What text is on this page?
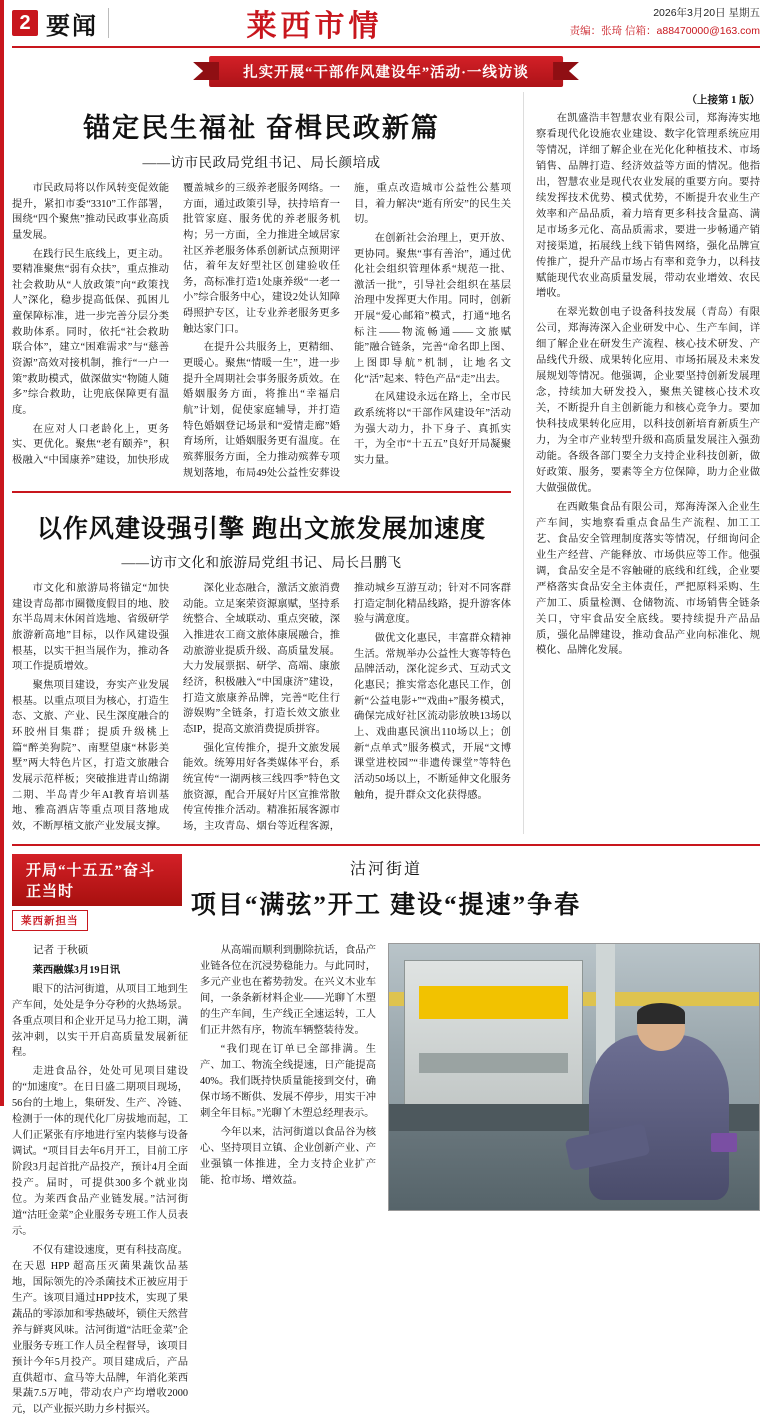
2 要闻	莱西市情	2026年3月20日 星期五
责编：张琦 信箱：a88470000@163.com
扎实开展“干部作风建设年”活动·一线访谈
锚定民生福祉 奋楫民政新篇
——访市民政局党组书记、局长颜培成

市民政局将以作风转变促效能提升，紧扣市委“3310”工作部署，围绕“四个聚焦”推动民政事业高质量发展。

在践行民生底线上，更主动。要精准聚焦“弱有众扶”，重点推动社会救助从“人放政策”向“政策找人”深化，稳步提高低保、孤困儿童保障标准，进一步完善分层分类救助体系。同时，依托“社会救助联合体”，建立“困难需求”与“慈善资源”高效对接机制，推行“一户一策”救助模式，做深做实“物随人随多”综合救助，让兜底保障更有温度。

在应对人口老龄化上，更务实、更优化。聚焦“老有颐养”，积极融入“中国康养”建设，加快形成覆盖城乡的三级养老服务网络。一方面，通过政策引导，扶持培育一批管家庭、服务优的养老服务机构；另一方面，全力推进全域居家社区养老服务体系创新试点预期评估，着年友好型社区创建验收任务，高标准打造1处康养级“一老一小”综合服务中心，建设2处认知障碍照护专区，让专业养老服务更多触达家门口。

在提升公共服务上，更精细、更暖心。聚焦“情暖一生”，进一步提升全周期社会事务服务质效。在婚姻服务方面，将推出“幸福启航”计划，促使家庭辅导，并打造特色婚姻登记场景和“爱情走廊”婚育场所，让婚姻服务更有温度。在殡葬服务方面，全力推动殡葬专项规划落地，布局49处公益性安葬设施，重点改造城市公益性公墓项目，着力解决“逝有所安”的民生关切。

在创新社会治理上，更开放、更协同。聚焦“事有善治”，通过优化社会组织管理体系“规范一批、激活一批”，引导社会组织在基层治理中发挥更大作用。同时，创新开展“爱心邮箱”模式，打通“地名标注——物流畅通——文旅赋能”融合链条，完善“命名即上图、上图即导航”机制，让地名文化“活”起来、特色产品“走”出去。

在风建设永远在路上，全市民政系统将以“干部作风建设年”活动为强大动力，扑下身子、真抓实干，为全市“十五五”良好开局凝聚实力量。

以作风建设强引擎 跑出文旅发展加速度
——访市文化和旅游局党组书记、局长吕鹏飞

市文化和旅游局将锚定“加快建设青岛都市圈微度假目的地、胶东半岛周末休闲首选地、省级研学旅游新高地”目标，以作风建设强根基，以实干担当展作为，推动各项工作提质增效。

聚焦项目建设，夯实产业发展根基。以重点项目为核心，打造生态、文旅、产业、民生深度融合的环胶州目集群；提质升级桃上篇“醉美狗院”、南墅望康“林影美墅”两大特色片区，打造文旅融合发展示范样板；突破推进青山绵湖二期、半岛青少年AI教育培训基地、雅高酒店等重点项目落地成效，不断厚植文旅产业发展支撑。

深化业态融合，激活文旅消费动能。立足案荣资源禀赋，坚持系统整合、全域联动、重点突破，深入推进农工商文旅体康展融合，推动旅游业提质升级、高质量发展。大力发展票据、研学、高端、康旅经济，积极融入“中国康济”建设，打造文旅康养品牌，完善“吃住行游娱购”全链条，打造长效文旅业态IP，提高文旅消费提质拼容。

强化宣传推介，提升文旅发展能效。统筹用好各类媒体平台，系统宣传“一湖两核三线四季”特色文旅资源，配合开展好片区宣推常散传宣传推介活动。精准拓展客源市场，主攻青岛、烟台等近程客源，推动城乡互游互动；针对不同客群打造定制化精品线路，提升游客体验与满意度。

做优文化惠民，丰富群众精神生活。常规举办公益性大赛等特色品牌活动，深化淀乡式、互动式文化惠民；推实常态化惠民工作，创新“公益电影+”“戏曲+”服务模式，确保完成好社区流动影放映13场以上、戏曲惠民演出110场以上；创新“点单式”服务模式，开展“文博课堂进校园”“非遗传课堂”等特色活动50场以上，不断延伸文化服务触角，提升群众文化获得感。

（上接第 1 版）

在凯盛浩丰智慧农业有限公司，郑海涛实地察看现代化设施农业建设、数字化管理系统应用等情况，详细了解企业在光化化种植技术、市场销售、品牌打造、经济效益等方面的情况。他指出，智慧农业是现代农业发展的重要方向。要持续发挥技术优势、模式优势，不断提升农业生产效率和产品品质，着力培育更多科技含量高、满足市场多元化、高品质需求，要进一步畅通产销对接渠道，拓展线上线下销售网络，强化品牌宣传推广，提升产品市场占有率和竞争力，以科技赋能现代农业高质量发展，带动农业增效、农民增收。

在翠光数创电子设备科技发展（青岛）有限公司，郑海涛深入企业研发中心、生产车间，详细了解企业在研发生产流程、核心技术研发、产品线代升级、成果转化应用、市场拓展及未来发展规划等情况。他强调，企业要坚持创新发展理念，持续加大研发投入，聚焦关键核心技术攻关，不断提升自主创新能力和核心竞争力。要加快科技成果转化应用，以科技创新培育新质生产力，为全市产业转型升级和高质量发展注入强劲动能。各级各部门要全力支持企业科技创新，做好政策、服务，要素等全方位保障，助力企业做大做强做优。

在西敞集食品有限公司，郑海涛深入企业生产车间，实地察看重点食品生产流程、加工工艺、食品安全管理制度落实等情况，仔细询问企业生产经营、产能释放、市场供应等工作。他强调，食品安全是不容触碰的底线和红线，企业要严格落实食品安全主体责任，严把原料采购、生产加工、质量检测、仓储物流、市场销售全链条关口，守牢食品安全底线。要持续提升产品品质，强化品牌建设，推动食品产业向标准化、规模化、品牌化发展。

开局“十五五”奋斗正当时
莱西新担当
沽河街道
项目“满弦”开工 建设“提速”争春

记者 于秋硕

莱西融媒3月19日讯

眼下的沽河街道，从项目工地到生产车间，处处是争分夺秒的火热场景。各重点项目和企业开足马力抢工期，满弦冲刺，以实干开启高质量发展新征程。

走进食品谷，处处可见项目建设的“加速度”。在日日盛二期项目现场，56台的土地上，集研发、生产、冷链、检测于一体的现代化厂房拔地而起，工人们正紧张有序地进行室内装修与设备调试。“项目目去年6月开工，目前工序阶段3月起首批产品投产，预计4月全面投产。届时，可提供300多个就业岗位。为莱西食品产业链发展。”沽河街道“沽旺金菜”企业服务专班工作人员表示。

不仅有建设速度，更有科技高度。在天恩 HPP 超高压灭菌果蔬饮品基地，国际领先的冷杀菌技术正被应用于生产。该项目通过HPP技术，实现了果蔬品的零添加和零热破坏，锁住天然营养与鲜爽风味。沽河街道“沽旺金菜”企业服务专班工作人员全程督导，该项目预计今年5月投产。项目建成后，产品直供超市、盒马等大品牌，年消化莱西果蔬7.5万吨，带动农户产均增收2000元，以产业振兴助力乡村振兴。

从高端而顺利到删除抗话，食品产业链各位在沉浸势稳能力。与此同时，多元产业也在蓄势勃发。在兴义木业车间，一条条新材料企业——光聊丫木塑的生产车间，生产线正全速运转，工人们正井然有序，物流车辆整装待发。

“我们现在订单已全部排满。生产、加工、物流全线提速，日产能提高40%。我们既持快质量能接到交付，确保市场不断供、发展不停步，用实干冲刺全年目标。”光聊丫木塑总经理表示。

今年以来，沽河街道以食品谷为核心、坚持项目立镇、企业创新产业、产业强镇一体推进，全力支持企业扩产能、抢市场、增效益。
